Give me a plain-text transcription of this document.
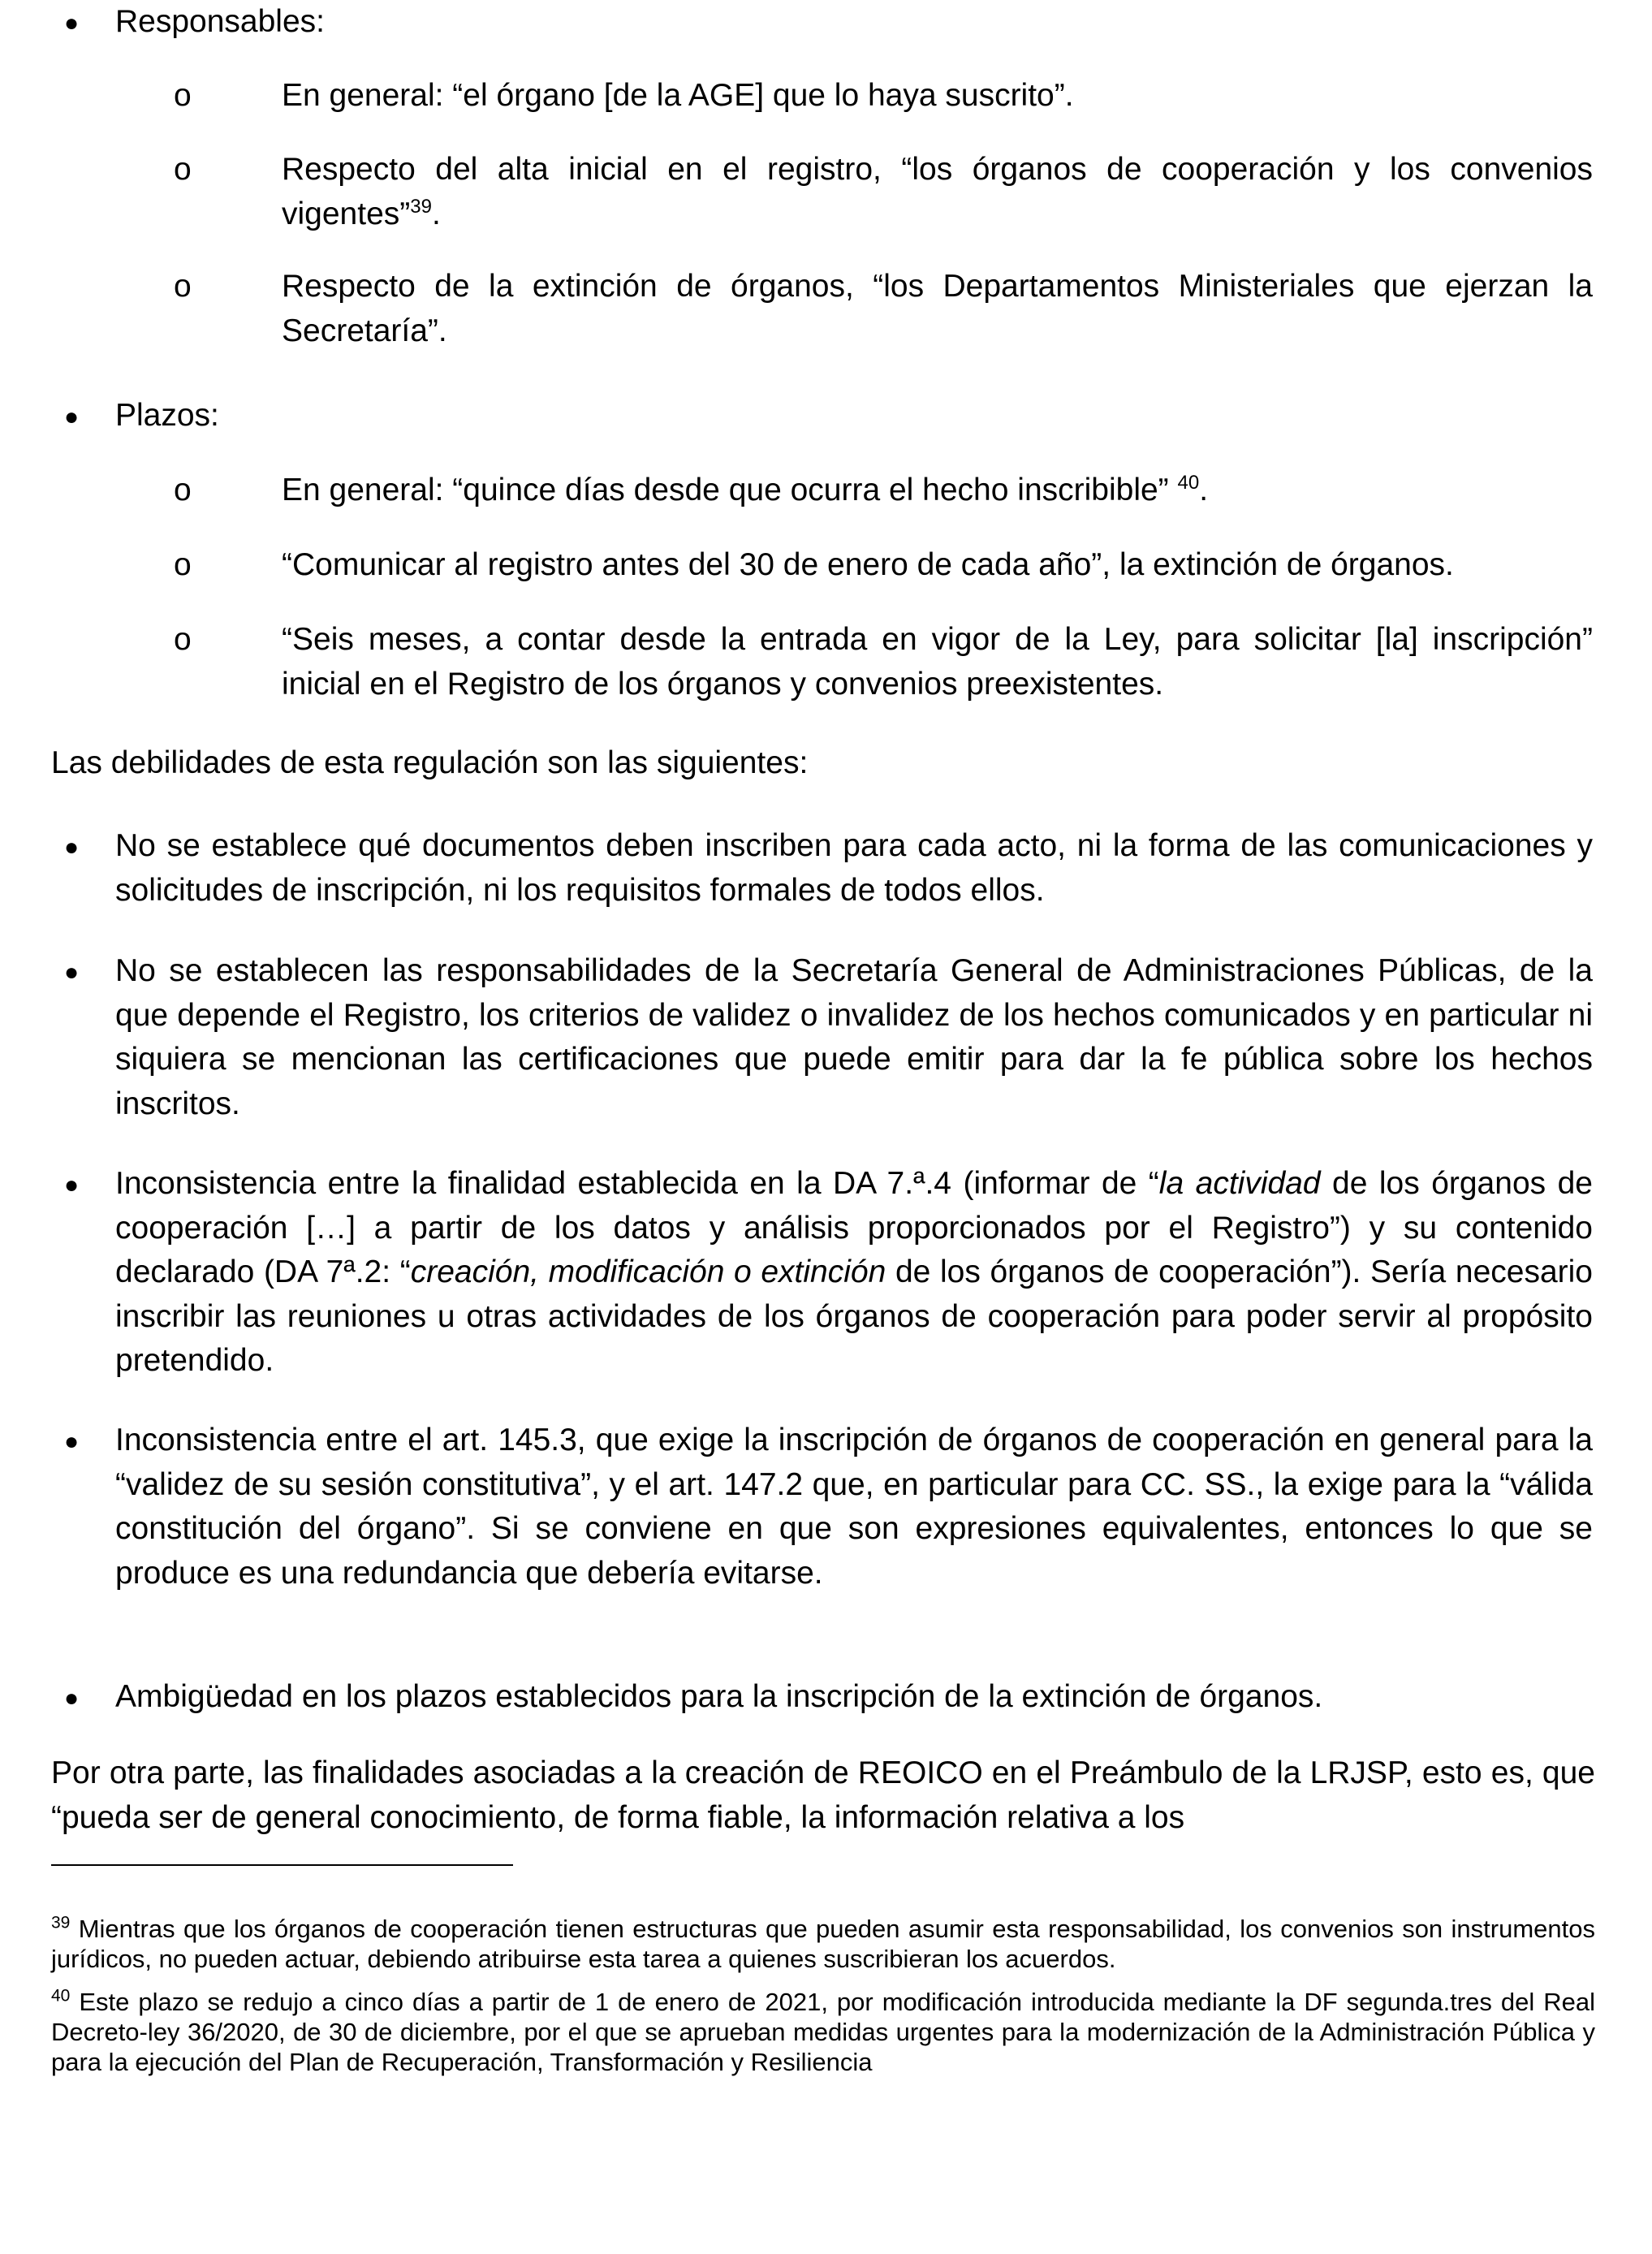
● Responsables:
o	En general: “el órgano [de la AGE] que lo haya suscrito”.
o	Respecto del alta inicial en el registro, “los órganos de cooperación y los convenios vigentes”$^{39}$.
o	Respecto de la extinción de órganos, “los Departamentos Ministeriales que ejerzan la Secretaría”.
● Plazos:
o	En general: “quince días desde que ocurra el hecho inscribible” $^{40}$.
o	“Comunicar al registro antes del 30 de enero de cada año”, la extinción de órganos.
o	“Seis meses, a contar desde la entrada en vigor de la Ley, para solicitar [la] inscripción” inicial en el Registro de los órganos y convenios preexistentes.

Las debilidades de esta regulación son las siguientes:

● No se establece qué documentos deben inscriben para cada acto, ni la forma de las comunicaciones y solicitudes de inscripción, ni los requisitos formales de todos ellos.
● No se establecen las responsabilidades de la Secretaría General de Administraciones Públicas, de la que depende el Registro, los criterios de validez o invalidez de los hechos comunicados y en particular ni siquiera se mencionan las certificaciones que puede emitir para dar la fe pública sobre los hechos inscritos.
● Inconsistencia entre la finalidad establecida en la DA 7.ª.4 (informar de “la actividad de los órganos de cooperación […] a partir de los datos y análisis proporcionados por el Registro”) y su contenido declarado (DA 7ª.2: “creación, modificación o extinción de los órganos de cooperación”). Sería necesario inscribir las reuniones u otras actividades de los órganos de cooperación para poder servir al propósito pretendido.
● Inconsistencia entre el art. 145.3, que exige la inscripción de órganos de cooperación en general para la “validez de su sesión constitutiva”, y el art. 147.2 que, en particular para CC. SS., la exige para la “válida constitución del órgano”. Si se conviene en que son expresiones equivalentes, entonces lo que se produce es una redundancia que debería evitarse.
● Ambigüedad en los plazos establecidos para la inscripción de la extinción de órganos.

Por otra parte, las finalidades asociadas a la creación de REOICO en el Preámbulo de la LRJSP, esto es, que “pueda ser de general conocimiento, de forma fiable, la información relativa a los

$^{39}$ Mientras que los órganos de cooperación tienen estructuras que pueden asumir esta responsabilidad, los convenios son instrumentos jurídicos, no pueden actuar, debiendo atribuirse esta tarea a quienes suscribieran los acuerdos.
$^{40}$ Este plazo se redujo a cinco días a partir de 1 de enero de 2021, por modificación introducida mediante la DF segunda.tres del Real Decreto-ley 36/2020, de 30 de diciembre, por el que se aprueban medidas urgentes para la modernización de la Administración Pública y para la ejecución del Plan de Recuperación, Transformación y Resiliencia
